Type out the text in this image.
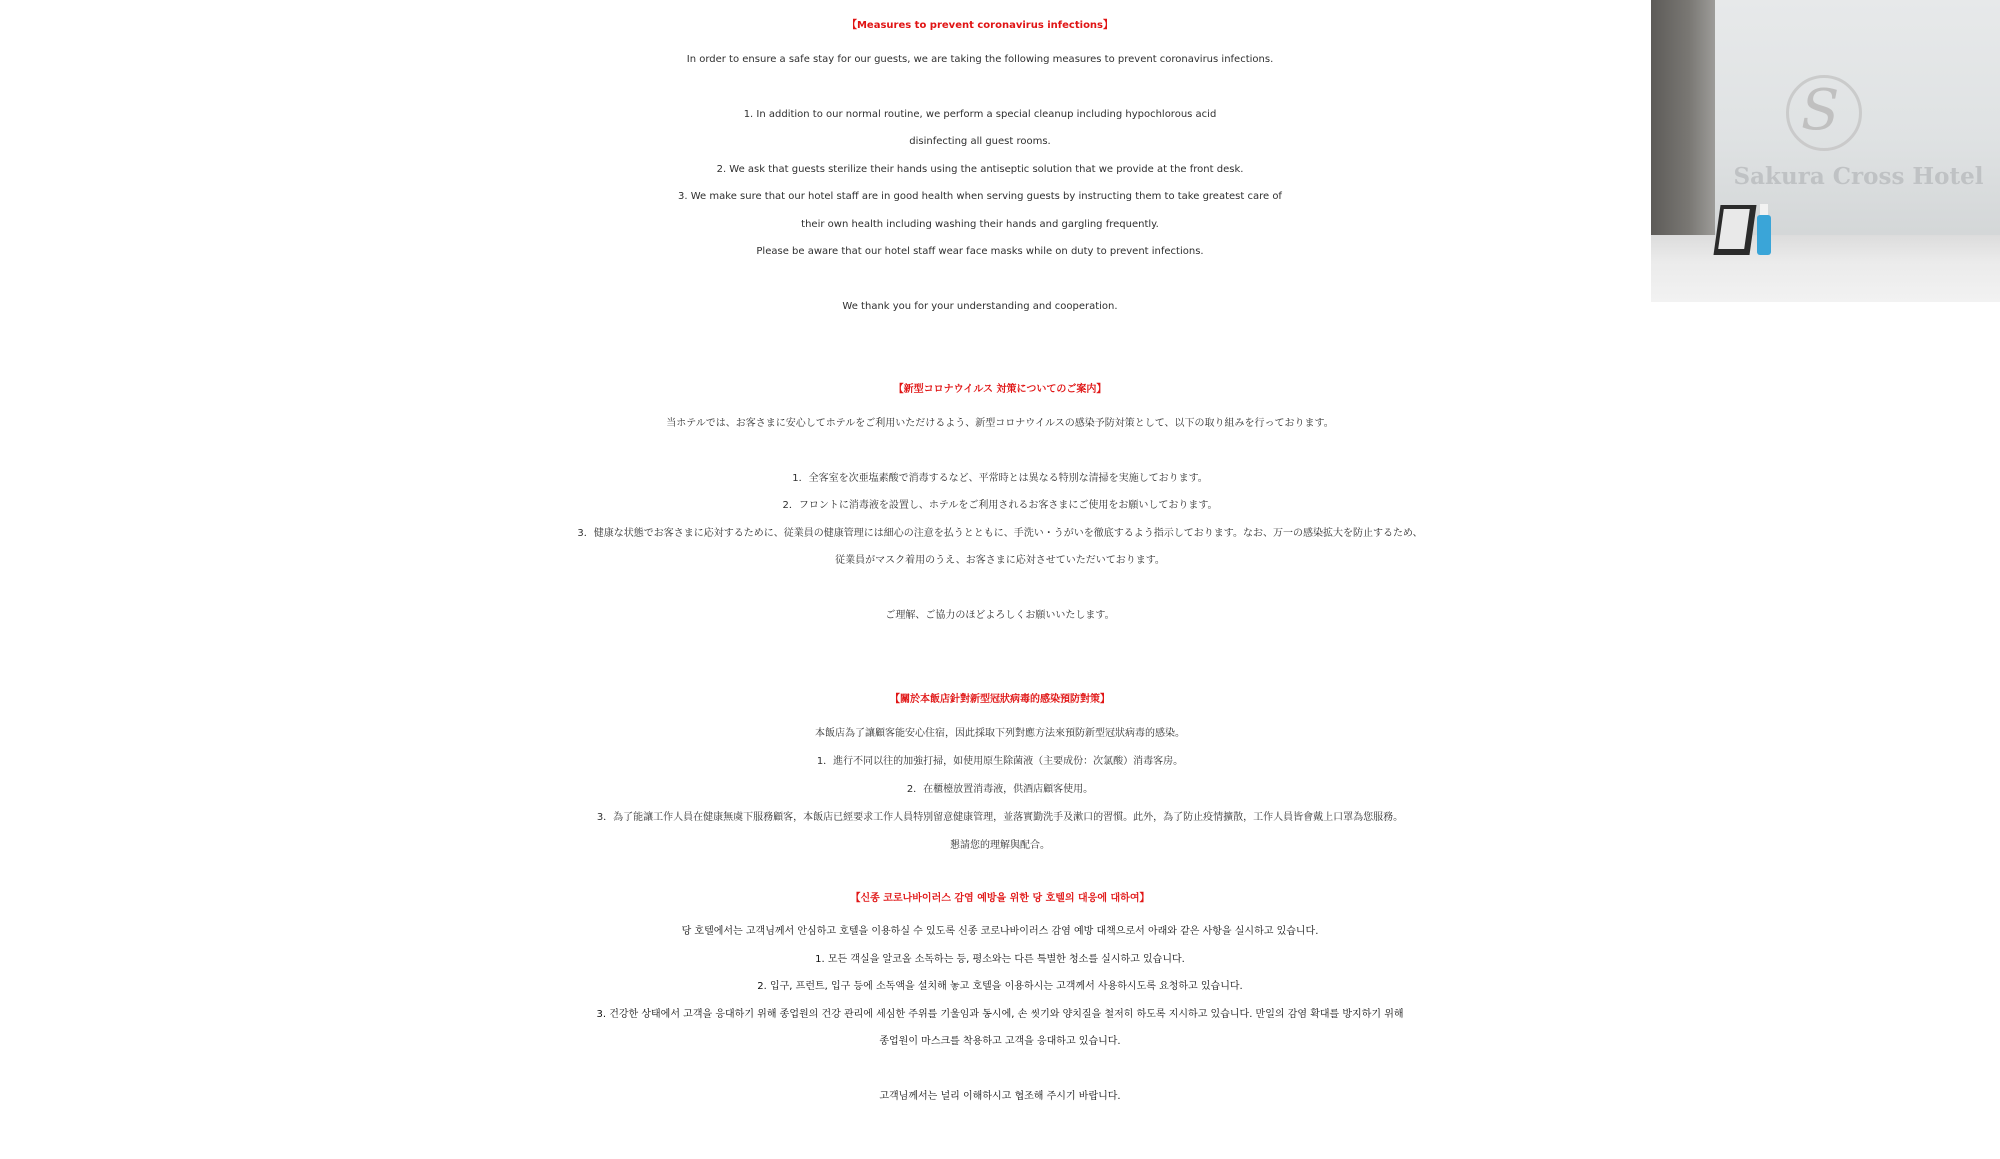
【Measures to prevent coronavirus infections】
In order to ensure a safe stay for our guests, we are taking the following measures to prevent coronavirus infections.
1. In addition to our normal routine, we perform a special cleanup including hypochlorous acid
disinfecting all guest rooms.
2. We ask that guests sterilize their hands using the antiseptic solution that we provide at the front desk.
3. We make sure that our hotel staff are in good health when serving guests by instructing them to take greatest care of
their own health including washing their hands and gargling frequently.
Please be aware that our hotel staff wear face masks while on duty to prevent infections.
We thank you for your understanding and cooperation.
S
Sakura Cross Hotel
【新型コロナウイルス 対策についてのご案内】
当ホテルでは、お客さまに安心してホテルをご利用いただけるよう、新型コロナウイルスの感染予防対策として、以下の取り組みを行っております。
1．全客室を次亜塩素酸で消毒するなど、平常時とは異なる特別な清掃を実施しております。
2．フロントに消毒液を設置し、ホテルをご利用されるお客さまにご使用をお願いしております。
3．健康な状態でお客さまに応対するために、従業員の健康管理には細心の注意を払うとともに、手洗い・うがいを徹底するよう指示しております。なお、万一の感染拡大を防止するため、
従業員がマスク着用のうえ、お客さまに応対させていただいております。
ご理解、ご協力のほどよろしくお願いいたします。
【關於本飯店針對新型冠狀病毒的感染預防對策】
本飯店為了讓顧客能安心住宿，因此採取下列對應方法來預防新型冠狀病毒的感染。
1．進行不同以往的加強打掃，如使用原生除菌液（主要成份：次氯酸）消毒客房。
2．在櫃檯放置消毒液，供酒店顧客使用。
3．為了能讓工作人員在健康無虞下服務顧客，本飯店已經要求工作人員特別留意健康管理，並落實勤洗手及漱口的習慣。此外，為了防止疫情擴散，工作人員皆會戴上口罩為您服務。
懇請您的理解與配合。
【신종 코로나바이러스 감염 예방을 위한 당 호텔의 대응에 대하여】
당 호텔에서는 고객님께서 안심하고 호텔을 이용하실 수 있도록 신종 코로나바이러스 감염 예방 대책으로서 아래와 같은 사항을 실시하고 있습니다.
1. 모든 객실을 알코올 소독하는 등, 평소와는 다른 특별한 청소를 실시하고 있습니다.
2. 입구, 프런트, 입구 등에 소독액을 설치해 놓고 호텔을 이용하시는 고객께서 사용하시도록 요청하고 있습니다.
3. 건강한 상태에서 고객을 응대하기 위해 종업원의 건강 관리에 세심한 주위를 기울임과 동시에, 손 씻기와 양치질을 철저히 하도록 지시하고 있습니다. 만일의 감염 확대를 방지하기 위해
종업원이 마스크를 착용하고 고객을 응대하고 있습니다.
고객님께서는 널리 이해하시고 협조해 주시기 바랍니다.
